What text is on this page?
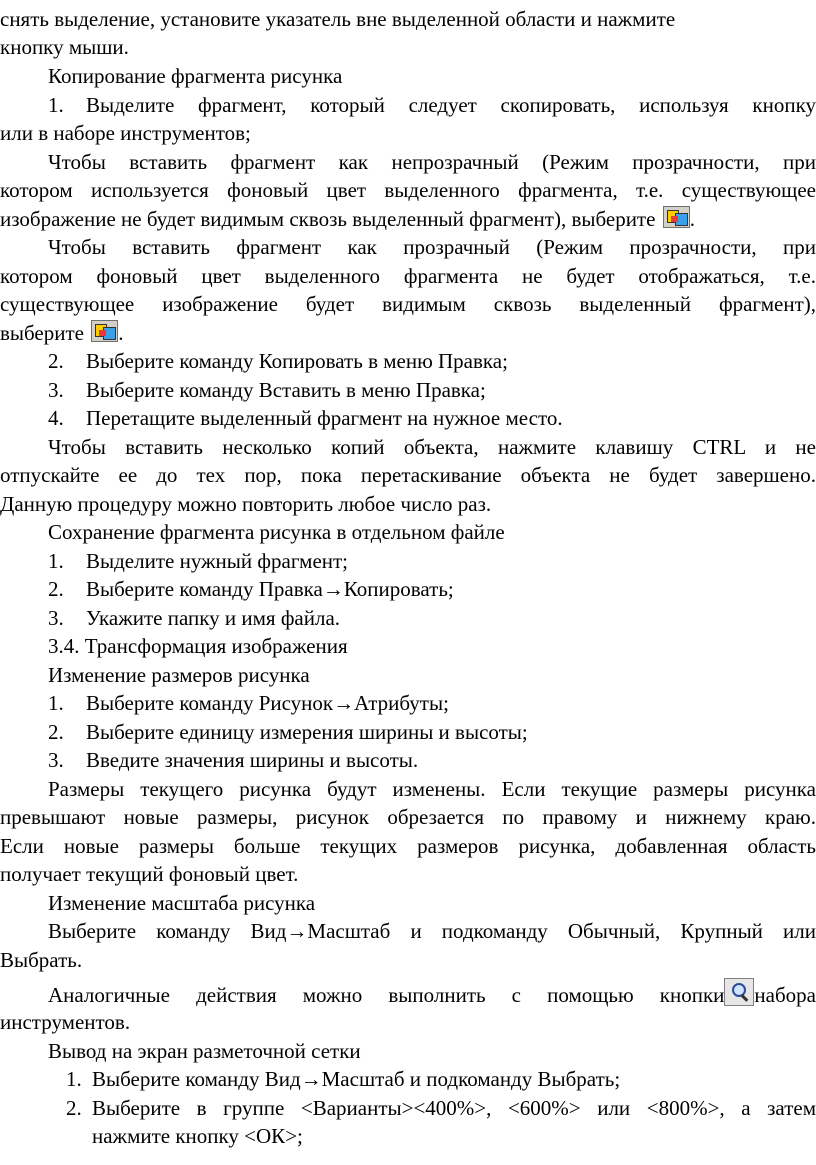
снять выделение, установите указатель вне выделенной области и нажмите
кнопку мыши.
Копирование фрагмента рисунка
1. Выделите фрагмент, который следует скопировать, используя кнопку
или в наборе инструментов;
Чтобы вставить фрагмент как непрозрачный (Режим прозрачности, при
котором используется фоновый цвет выделенного фрагмента, т.е. существующее
изображение не будет видимым сквозь выделенный фрагмент), выберите .
Чтобы вставить фрагмент как прозрачный (Режим прозрачности, при
котором фоновый цвет выделенного фрагмента не будет отображаться, т.е.
существующее изображение будет видимым сквозь выделенный фрагмент),
выберите .
2. Выберите команду Копировать в меню Правка;
3. Выберите команду Вставить в меню Правка;
4. Перетащите выделенный фрагмент на нужное место.
Чтобы вставить несколько копий объекта, нажмите клавишу CTRL и не
отпускайте ее до тех пор, пока перетаскивание объекта не будет завершено.
Данную процедуру можно повторить любое число раз.
Сохранение фрагмента рисунка в отдельном файле
1. Выделите нужный фрагмент;
2. Выберите команду Правка→Копировать;
3. Укажите папку и имя файла.
3.4. Трансформация изображения
Изменение размеров рисунка
1. Выберите команду Рисунок→Атрибуты;
2. Выберите единицу измерения ширины и высоты;
3. Введите значения ширины и высоты.
Размеры текущего рисунка будут изменены. Если текущие размеры рисунка
превышают новые размеры, рисунок обрезается по правому и нижнему краю.
Если новые размеры больше текущих размеров рисунка, добавленная область
получает текущий фоновый цвет.
Изменение масштаба рисунка
Выберите команду Вид→Масштаб и подкоманду Обычный, Крупный или
Выбрать.
Аналогичные действия можно выполнить с помощью кнопки набора
инструментов.
Вывод на экран разметочной сетки
1. Выберите команду Вид→Масштаб и подкоманду Выбрать;
2. Выберите в группе <Варианты><400%>, <600%> или <800%>, а затем
нажмите кнопку <ОК>;
